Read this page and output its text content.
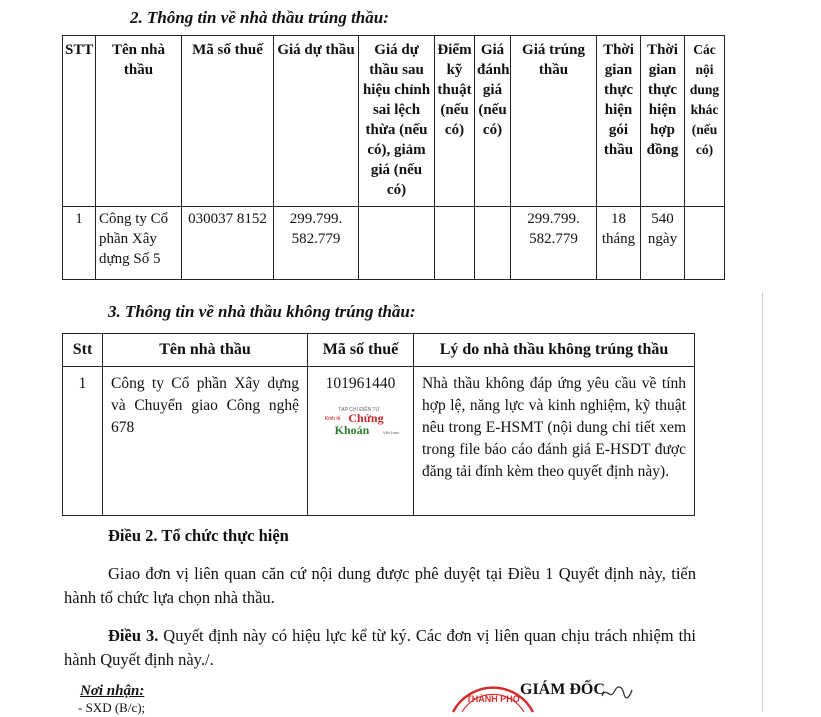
2. Thông tin về nhà thầu trúng thầu:
STT	Tên nhà thầu	Mã số thuế	Giá dự thầu	Giá dự thầu sau hiệu chỉnh sai lệch thừa (nếu có), giảm giá (nếu có)	Điểm kỹ thuật (nếu có)	Giá đánh giá (nếu có)	Giá trúng thầu	Thời gian thực hiện gói thầu	Thời gian thực hiện hợp đồng	Các nội dung khác (nếu có)
1	Công ty Cổ phần Xây dựng Số 5	030037 8152	299.799. 582.779				299.799. 582.779	18 tháng	540 ngày	
3. Thông tin về nhà thầu không trúng thầu:
Stt	Tên nhà thầu	Mã số thuế	Lý do nhà thầu không trúng thầu
1	Công ty Cổ phần Xây dựng và Chuyển giao Công nghệ 678	101961440	Nhà thầu không đáp ứng yêu cầu về tính hợp lệ, năng lực và kinh nghiệm, kỹ thuật nêu trong E-HSMT (nội dung chi tiết xem trong file báo cáo đánh giá E-HSDT được đăng tải đính kèm theo quyết định này).
TẠP CHÍ ĐIỆN TỬ
Kinh tế Chứng
Khoán	Việt Nam
Điều 2. Tổ chức thực hiện
Giao đơn vị liên quan căn cứ nội dung được phê duyệt tại Điều 1 Quyết định này, tiến hành tổ chức lựa chọn nhà thầu.
Điều 3. Quyết định này có hiệu lực kể từ ký. Các đơn vị liên quan chịu trách nhiệm thi hành Quyết định này./.
Nơi nhận:
- SXD (B/c);
THÀNH PHỐ
GIÁM ĐỐC
